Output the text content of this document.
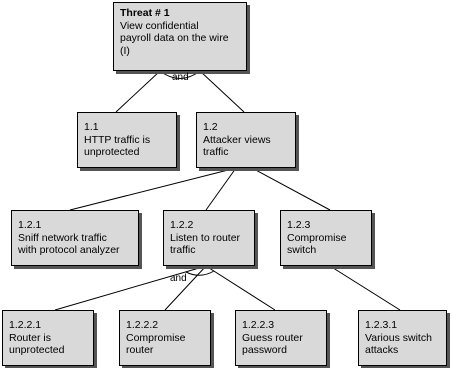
Threat # 1
View confidential
payroll data on the wire
(I)
and
1.1
HTTP traffic is
unprotected
1.2
Attacker views
traffic
1.2.1
Sniff network traffic
with protocol analyzer
1.2.2
Listen to router
traffic
1.2.3
Compromise
switch
and
1.2.2.1
Router is
unprotected
1.2.2.2
Compromise
router
1.2.2.3
Guess router
password
1.2.3.1
Various switch
attacks
